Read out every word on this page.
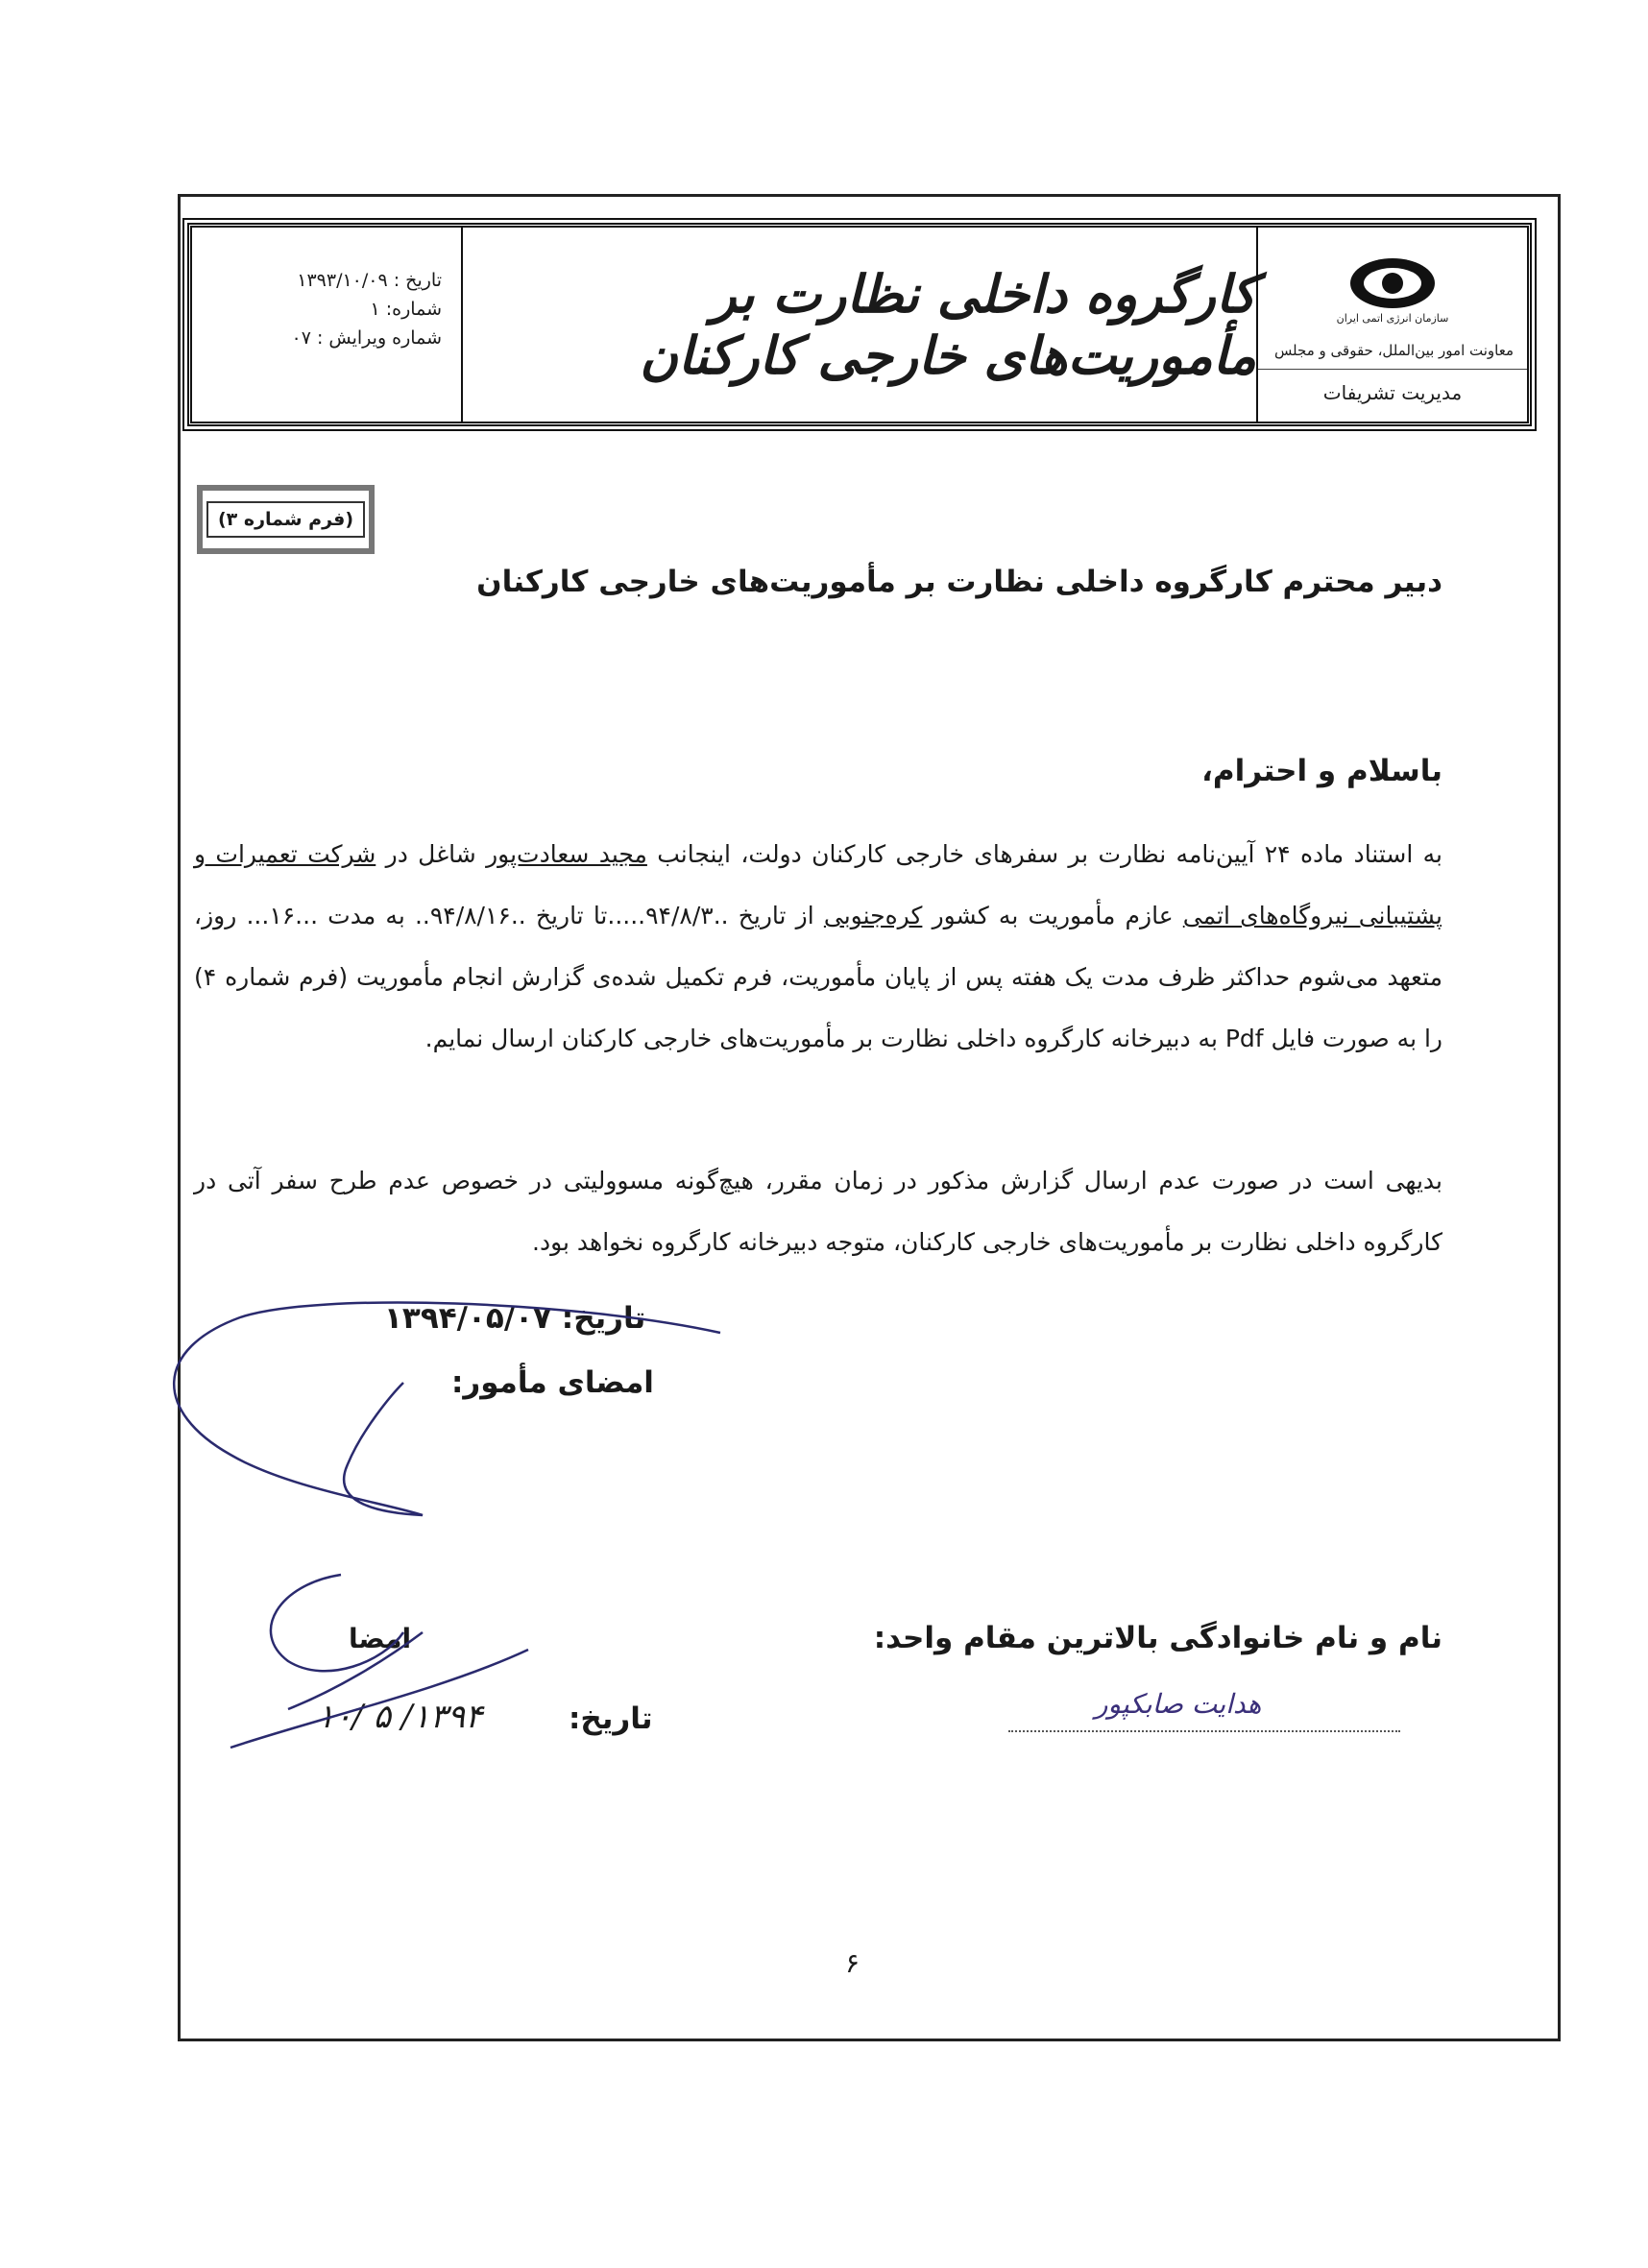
تاریخ : ۱۳۹۳/۱۰/۰۹
شماره: ۱
شماره ویرایش : ۰۷
کارگروه داخلی نظارت بر مأموریت‌های خارجی کارکنان
سازمان انرژی اتمی ایران
معاونت امور بین‌الملل، حقوقی و مجلس
مدیریت تشریفات
(فرم شماره ۳)
دبیر محترم کارگروه داخلی نظارت بر مأموریت‌های خارجی کارکنان
باسلام و احترام،
به استناد ماده ۲۴ آیین‌نامه نظارت بر سفرهای خارجی کارکنان دولت، اینجانب مجید سعادت‌پور شاغل در شرکت تعمیرات و پشتیبانی نیروگاه‌های اتمی عازم مأموریت به کشور کره‌جنوبی از تاریخ ..۹۴/۸/۳.....تا تاریخ ..۹۴/۸/۱۶.. به مدت ...۱۶... روز، متعهد می‌شوم حداکثر ظرف مدت یک هفته پس از پایان مأموریت، فرم تکمیل شده‌ی گزارش انجام مأموریت (فرم شماره ۴) را به صورت فایل Pdf به دبیرخانه کارگروه داخلی نظارت بر مأموریت‌های خارجی کارکنان ارسال نمایم.
بدیهی است در صورت عدم ارسال گزارش مذکور در زمان مقرر، هیچ‌گونه مسوولیتی در خصوص عدم طرح سفر آتی در کارگروه داخلی نظارت بر مأموریت‌های خارجی کارکنان، متوجه دبیرخانه کارگروه نخواهد بود.
تاریخ: ۱۳۹۴/۰۵/۰۷
امضای مأمور:
نام و نام خانوادگی بالاترین مقام واحد:
امضا
تاریخ:
۱۳۹۴/ ۵ /۱۰	هدایت صابکپور
۶
